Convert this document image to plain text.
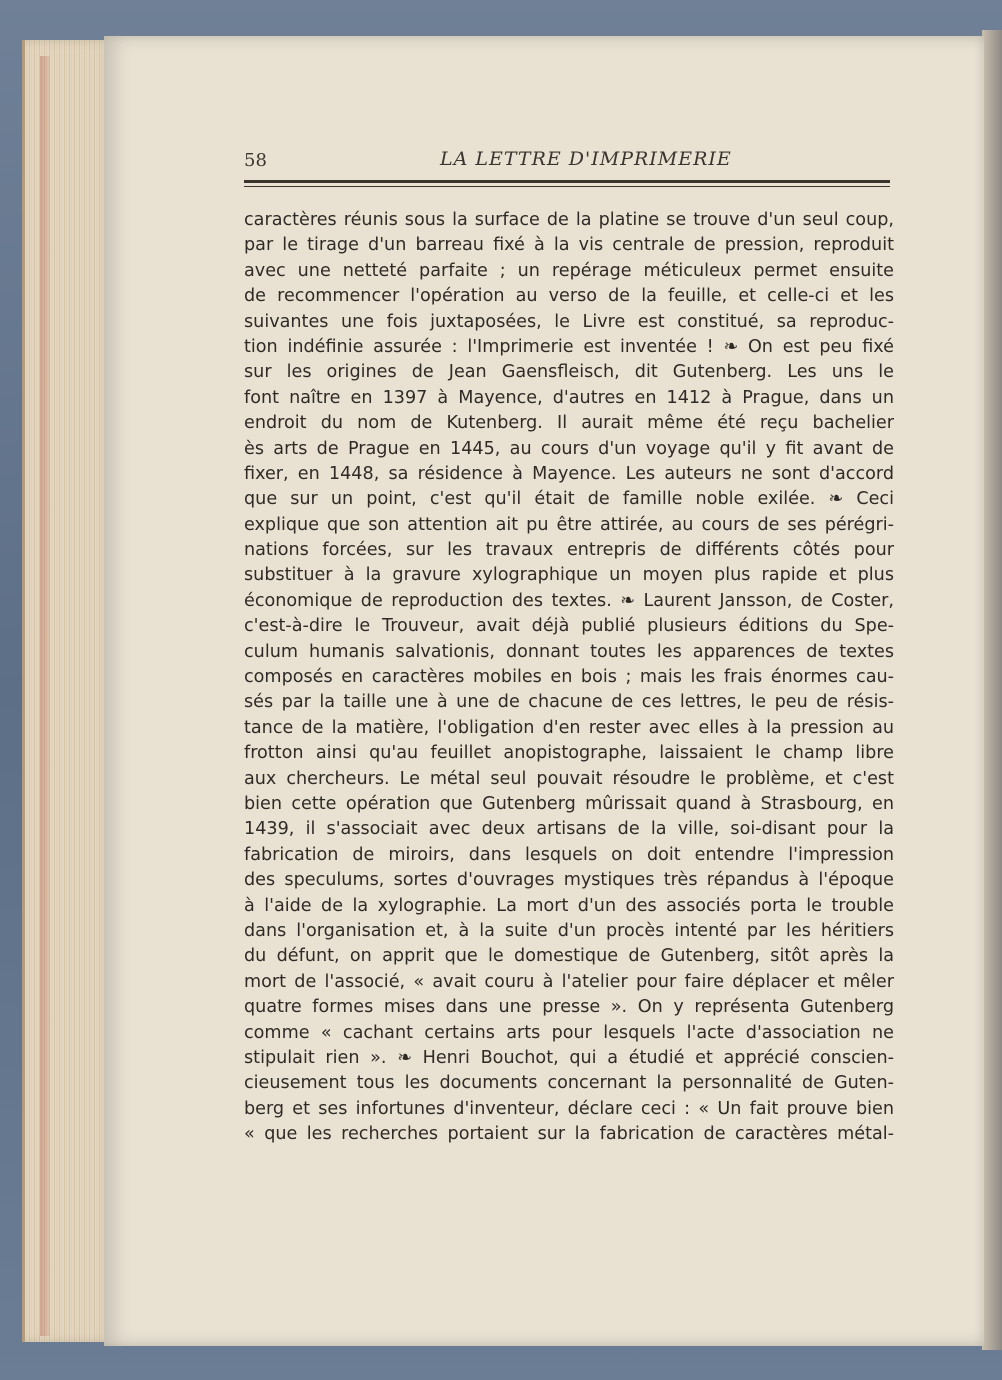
58	LA LETTRE D'IMPRIMERIE
caractères réunis sous la surface de la platine se trouve d'un seul coup,
par le tirage d'un barreau fixé à la vis centrale de pression, reproduit
avec une netteté parfaite ; un repérage méticuleux permet ensuite
de recommencer l'opération au verso de la feuille, et celle-ci et les
suivantes une fois juxtaposées, le Livre est constitué, sa reproduc-
tion indéfinie assurée : l'Imprimerie est inventée ! ❧ On est peu fixé
sur les origines de Jean Gaensfleisch, dit Gutenberg. Les uns le
font naître en 1397 à Mayence, d'autres en 1412 à Prague, dans un
endroit du nom de Kutenberg. Il aurait même été reçu bachelier
ès arts de Prague en 1445, au cours d'un voyage qu'il y fit avant de
fixer, en 1448, sa résidence à Mayence. Les auteurs ne sont d'accord
que sur un point, c'est qu'il était de famille noble exilée. ❧ Ceci
explique que son attention ait pu être attirée, au cours de ses pérégri-
nations forcées, sur les travaux entrepris de différents côtés pour
substituer à la gravure xylographique un moyen plus rapide et plus
économique de reproduction des textes. ❧ Laurent Jansson, de Coster,
c'est-à-dire le Trouveur, avait déjà publié plusieurs éditions du Spe-
culum humanis salvationis, donnant toutes les apparences de textes
composés en caractères mobiles en bois ; mais les frais énormes cau-
sés par la taille une à une de chacune de ces lettres, le peu de résis-
tance de la matière, l'obligation d'en rester avec elles à la pression au
frotton ainsi qu'au feuillet anopistographe, laissaient le champ libre
aux chercheurs. Le métal seul pouvait résoudre le problème, et c'est
bien cette opération que Gutenberg mûrissait quand à Strasbourg, en
1439, il s'associait avec deux artisans de la ville, soi-disant pour la
fabrication de miroirs, dans lesquels on doit entendre l'impression
des speculums, sortes d'ouvrages mystiques très répandus à l'époque
à l'aide de la xylographie. La mort d'un des associés porta le trouble
dans l'organisation et, à la suite d'un procès intenté par les héritiers
du défunt, on apprit que le domestique de Gutenberg, sitôt après la
mort de l'associé, « avait couru à l'atelier pour faire déplacer et mêler
quatre formes mises dans une presse ». On y représenta Gutenberg
comme « cachant certains arts pour lesquels l'acte d'association ne
stipulait rien ». ❧ Henri Bouchot, qui a étudié et apprécié conscien-
cieusement tous les documents concernant la personnalité de Guten-
berg et ses infortunes d'inventeur, déclare ceci : « Un fait prouve bien
« que les recherches portaient sur la fabrication de caractères métal-
